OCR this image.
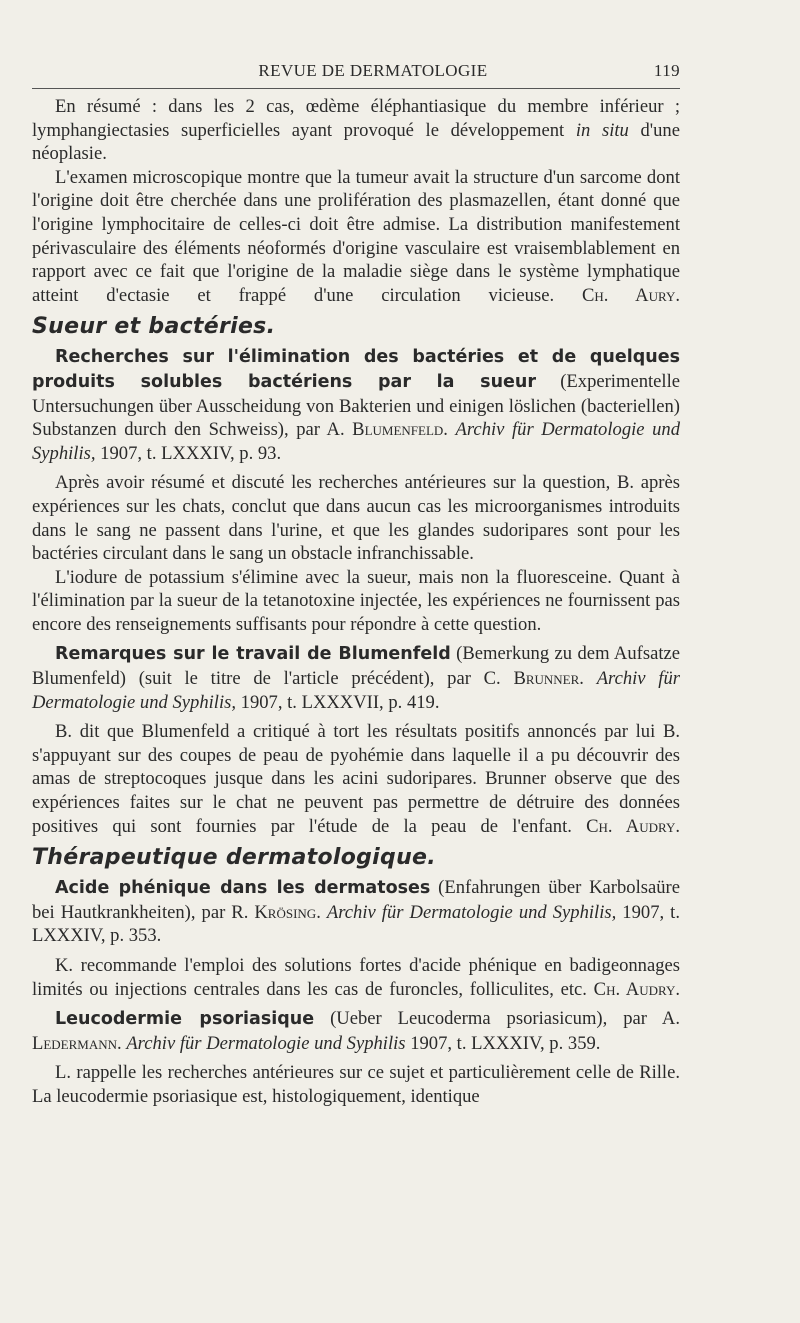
REVUE DE DERMATOLOGIE	119

En résumé : dans les 2 cas, œdème éléphantiasique du membre inférieur ; lymphangiectasies superficielles ayant provoqué le développement in situ d'une néoplasie.

L'examen microscopique montre que la tumeur avait la structure d'un sarcome dont l'origine doit être cherchée dans une prolifération des plasmazellen, étant donné que l'origine lymphocitaire de celles-ci doit être admise. La distribution manifestement périvasculaire des éléments néoformés d'origine vasculaire est vraisemblablement en rapport avec ce fait que l'origine de la maladie siège dans le système lymphatique atteint d'ectasie et frappé d'une circulation vicieuse. Ch. Aury.

Sueur et bactéries.

Recherches sur l'élimination des bactéries et de quelques produits solubles bactériens par la sueur (Experimentelle Untersuchungen über Ausscheidung von Bakterien und einigen löslichen (bacteriellen) Substanzen durch den Schweiss), par A. Blumenfeld. Archiv für Dermatologie und Syphilis, 1907, t. LXXXIV, p. 93.

Après avoir résumé et discuté les recherches antérieures sur la question, B. après expériences sur les chats, conclut que dans aucun cas les microorganismes introduits dans le sang ne passent dans l'urine, et que les glandes sudoripares sont pour les bactéries circulant dans le sang un obstacle infranchissable.

L'iodure de potassium s'élimine avec la sueur, mais non la fluoresceine. Quant à l'élimination par la sueur de la tetanotoxine injectée, les expériences ne fournissent pas encore des renseignements suffisants pour répondre à cette question.

Remarques sur le travail de Blumenfeld (Bemerkung zu dem Aufsatze Blumenfeld) (suit le titre de l'article précédent), par C. Brunner. Archiv für Dermatologie und Syphilis, 1907, t. LXXXVII, p. 419.

B. dit que Blumenfeld a critiqué à tort les résultats positifs annoncés par lui B. s'appuyant sur des coupes de peau de pyohémie dans laquelle il a pu découvrir des amas de streptocoques jusque dans les acini sudoripares. Brunner observe que des expériences faites sur le chat ne peuvent pas permettre de détruire des données positives qui sont fournies par l'étude de la peau de l'enfant. Ch. Audry.

Thérapeutique dermatologique.

Acide phénique dans les dermatoses (Enfahrungen über Karbolsaüre bei Hautkrankheiten), par R. Krösing. Archiv für Dermatologie und Syphilis, 1907, t. LXXXIV, p. 353.

K. recommande l'emploi des solutions fortes d'acide phénique en badigeonnages limités ou injections centrales dans les cas de furoncles, folliculites, etc. Ch. Audry.

Leucodermie psoriasique (Ueber Leucoderma psoriasicum), par A. Ledermann. Archiv für Dermatologie und Syphilis 1907, t. LXXXIV, p. 359.

L. rappelle les recherches antérieures sur ce sujet et particulièrement celle de Rille. La leucodermie psoriasique est, histologiquement, identique
